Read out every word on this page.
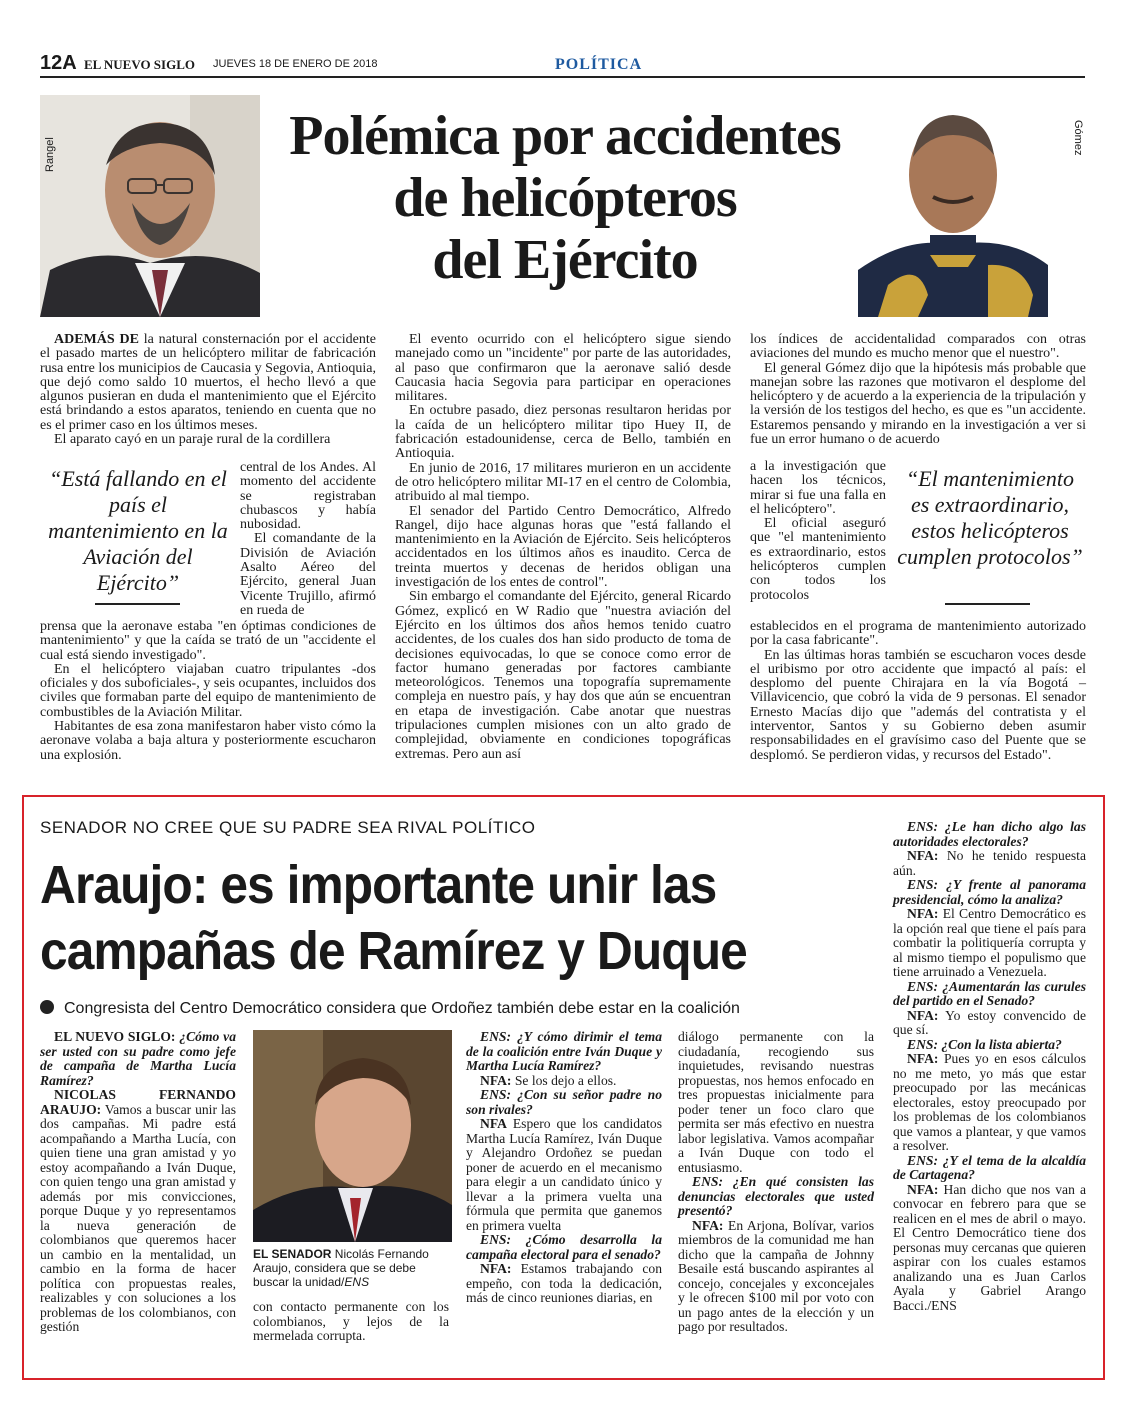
12A EL NUEVO SIGLO JUEVES 18 DE ENERO DE 2018	POLÍTICA
Rangel	Gómez
Polémica por accidentes
de helicópteros
del Ejército

ADEMÁS DE la natural consternación por el accidente el pasado martes de un helicóptero militar de fabricación rusa entre los municipios de Caucasia y Segovia, Antioquia, que dejó como saldo 10 muertos, el hecho llevó a que algunos pusieran en duda el mantenimiento que el Ejército está brindando a estos aparatos, teniendo en cuenta que no es el primer caso en los últimos meses.

El aparato cayó en un paraje rural de la cordillera

central de los Andes. Al momento del accidente se registraban chubascos y había nubosidad.

El comandante de la División de Aviación Asalto Aéreo del Ejército, general Juan Vicente Trujillo, afirmó en rueda de

“Está fallando en el país el mantenimiento en la Aviación del Ejército”

prensa que la aeronave estaba "en óptimas condiciones de mantenimiento" y que la caída se trató de un "accidente el cual está siendo investigado".

En el helicóptero viajaban cuatro tripulantes -dos oficiales y dos suboficiales-, y seis ocupantes, incluidos dos civiles que formaban parte del equipo de mantenimiento de combustibles de la Aviación Militar.

Habitantes de esa zona manifestaron haber visto cómo la aeronave volaba a baja altura y posteriormente escucharon una explosión.

El evento ocurrido con el helicóptero sigue siendo manejado como un "incidente" por parte de las autoridades, al paso que confirmaron que la aeronave salió desde Caucasia hacia Segovia para participar en operaciones militares.

En octubre pasado, diez personas resultaron heridas por la caída de un helicóptero militar tipo Huey II, de fabricación estadounidense, cerca de Bello, también en Antioquia.

En junio de 2016, 17 militares murieron en un accidente de otro helicóptero militar MI-17 en el centro de Colombia, atribuido al mal tiempo.

El senador del Partido Centro Democrático, Alfredo Rangel, dijo hace algunas horas que "está fallando el mantenimiento en la Aviación de Ejército. Seis helicópteros accidentados en los últimos años es inaudito. Cerca de treinta muertos y decenas de heridos obligan una investigación de los entes de control".

Sin embargo el comandante del Ejército, general Ricardo Gómez, explicó en W Radio que "nuestra aviación del Ejército en los últimos dos años hemos tenido cuatro accidentes, de los cuales dos han sido producto de toma de decisiones equivocadas, lo que se conoce como error de factor humano generadas por factores cambiante meteorológicos. Tenemos una topografía supremamente compleja en nuestro país, y hay dos que aún se encuentran en etapa de investigación. Cabe anotar que nuestras tripulaciones cumplen misiones con un alto grado de complejidad, obviamente en condiciones topográficas extremas. Pero aun así

los índices de accidentalidad comparados con otras aviaciones del mundo es mucho menor que el nuestro".

El general Gómez dijo que la hipótesis más probable que manejan sobre las razones que motivaron el desplome del helicóptero y de acuerdo a la experiencia de la tripulación y la versión de los testigos del hecho, es que es "un accidente. Estaremos pensando y mirando en la investigación a ver si fue un error humano o de acuerdo

a la investigación que hacen los técnicos, mirar si fue una falla en el helicóptero".

El oficial aseguró que "el mantenimiento es extraordinario, estos helicópteros cumplen con todos los protocolos

“El mantenimiento es extraordinario, estos helicópteros cumplen protocolos”

establecidos en el programa de mantenimiento autorizado por la casa fabricante".

En las últimas horas también se escucharon voces desde el uribismo por otro accidente que impactó al país: el desplomo del puente Chirajara en la vía Bogotá – Villavicencio, que cobró la vida de 9 personas. El senador Ernesto Macías dijo que "además del contratista y el interventor, Santos y su Gobierno deben asumir responsabilidades en el gravísimo caso del Puente que se desplomó. Se perdieron vidas, y recursos del Estado".

SENADOR NO CREE QUE SU PADRE SEA RIVAL POLÍTICO
Araujo: es importante unir las
campañas de Ramírez y Duque
Congresista del Centro Democrático considera que Ordoñez también debe estar en la coalición

EL NUEVO SIGLO: ¿Cómo va ser usted con su padre como jefe de campaña de Martha Lucía Ramírez?

NICOLAS FERNANDO ARAUJO: Vamos a buscar unir las dos campañas. Mi padre está acompañando a Martha Lucía, con quien tiene una gran amistad y yo estoy acompañando a Iván Duque, con quien tengo una gran amistad y además por mis convicciones, porque Duque y yo representamos la nueva generación de colombianos que queremos hacer un cambio en la mentalidad, un cambio en la forma de hacer política con propuestas reales, realizables y con soluciones a los problemas de los colombianos, con gestión

EL SENADOR Nicolás Fernando Araujo, considera que se debe buscar la unidad/ENS

con contacto permanente con los colombianos, y lejos de la mermelada corrupta.

ENS: ¿Y cómo dirimir el tema de la coalición entre Iván Duque y Martha Lucía Ramírez?

NFA: Se los dejo a ellos.

ENS: ¿Con su señor padre no son rivales?

NFA Espero que los candidatos Martha Lucía Ramírez, Iván Duque y Alejandro Ordoñez se puedan poner de acuerdo en el mecanismo para elegir a un candidato único y llevar a la primera vuelta una fórmula que permita que ganemos en primera vuelta

ENS: ¿Cómo desarrolla la campaña electoral para el senado?

NFA: Estamos trabajando con empeño, con toda la dedicación, más de cinco reuniones diarias, en

diálogo permanente con la ciudadanía, recogiendo sus inquietudes, revisando nuestras propuestas, nos hemos enfocado en tres propuestas inicialmente para poder tener un foco claro que permita ser más efectivo en nuestra labor legislativa. Vamos acompañar a Iván Duque con todo el entusiasmo.

ENS: ¿En qué consisten las denuncias electorales que usted presentó?

NFA: En Arjona, Bolívar, varios miembros de la comunidad me han dicho que la campaña de Johnny Besaile está buscando aspirantes al concejo, concejales y exconcejales y le ofrecen $100 mil por voto con un pago antes de la elección y un pago por resultados.

ENS: ¿Le han dicho algo las autoridades electorales?

NFA: No he tenido respuesta aún.

ENS: ¿Y frente al panorama presidencial, cómo la analiza?

NFA: El Centro Democrático es la opción real que tiene el país para combatir la politiquería corrupta y al mismo tiempo el populismo que tiene arruinado a Venezuela.

ENS: ¿Aumentarán las curules del partido en el Senado?

NFA: Yo estoy convencido de que sí.

ENS: ¿Con la lista abierta?

NFA: Pues yo en esos cálculos no me meto, yo más que estar preocupado por las mecánicas electorales, estoy preocupado por los problemas de los colombianos que vamos a plantear, y que vamos a resolver.

ENS: ¿Y el tema de la alcaldía de Cartagena?

NFA: Han dicho que nos van a convocar en febrero para que se realicen en el mes de abril o mayo. El Centro Democrático tiene dos personas muy cercanas que quieren aspirar con los cuales estamos analizando una es Juan Carlos Ayala y Gabriel Arango Bacci./ENS
